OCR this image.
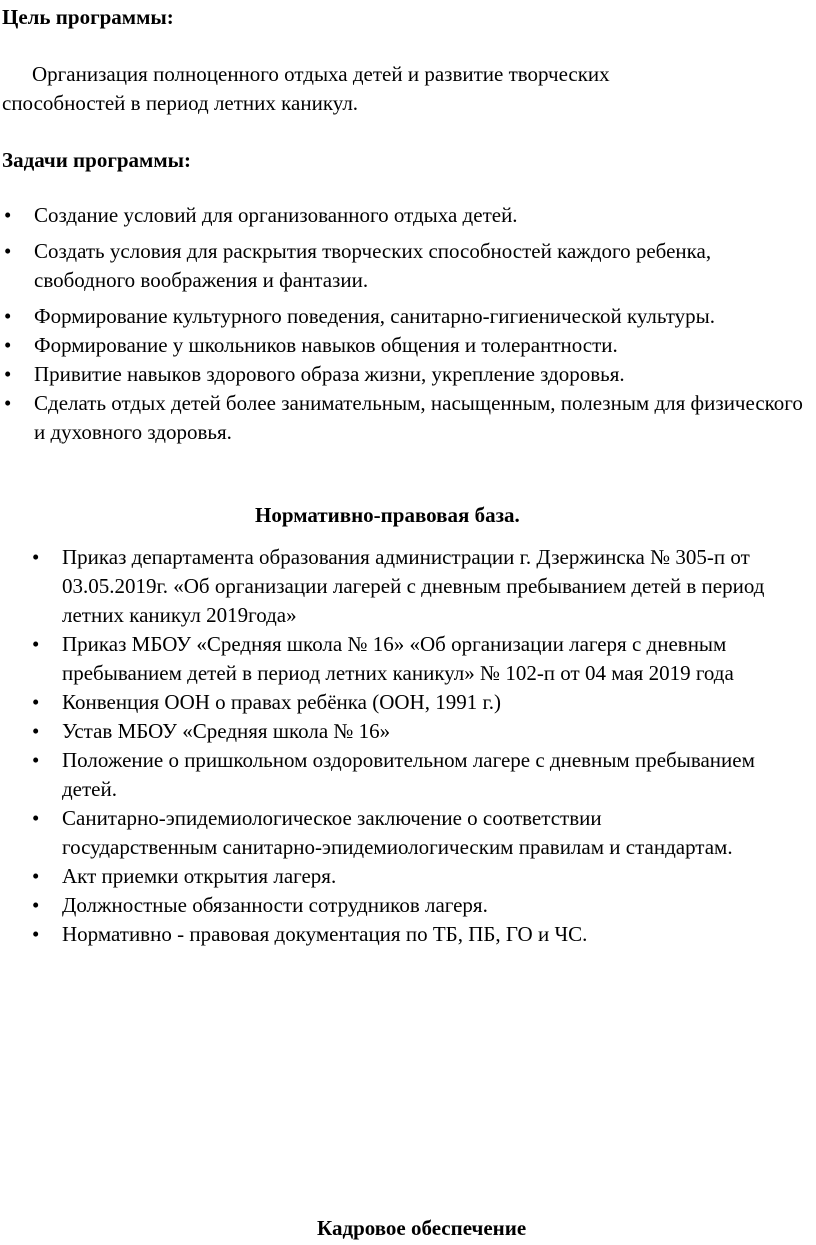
Цель программы:

Организация полноценного отдыха детей и развитие творческих способностей в период летних каникул.

Задачи программы:
• Создание условий для организованного отдыха детей.
• Создать условия для раскрытия творческих способностей каждого ребенка, свободного воображения и фантазии.
• Формирование культурного поведения, санитарно-гигиенической культуры.
• Формирование у школьников навыков общения и толерантности.
• Привитие навыков здорового образа жизни, укрепление здоровья.
• Сделать отдых детей более занимательным, насыщенным, полезным для физического и духовного здоровья.
Нормативно-правовая база.
• Приказ департамента образования администрации г. Дзержинска № 305-п от 03.05.2019г. «Об организации лагерей с дневным пребыванием детей в период летних каникул 2019года»
• Приказ МБОУ «Средняя школа № 16» «Об организации лагеря с дневным пребыванием детей в период летних каникул» № 102-п от 04 мая 2019 года
• Конвенция ООН о правах ребёнка (ООН, 1991 г.)
• Устав МБОУ «Средняя школа № 16»
• Положение о пришкольном оздоровительном лагере с дневным пребыванием детей.
• Санитарно-эпидемиологическое заключение о соответствии государственным санитарно-эпидемиологическим правилам и стандартам.
• Акт приемки открытия лагеря.
• Должностные обязанности сотрудников лагеря.
• Нормативно - правовая документация по ТБ, ПБ, ГО и ЧС.
Кадровое обеспечение
